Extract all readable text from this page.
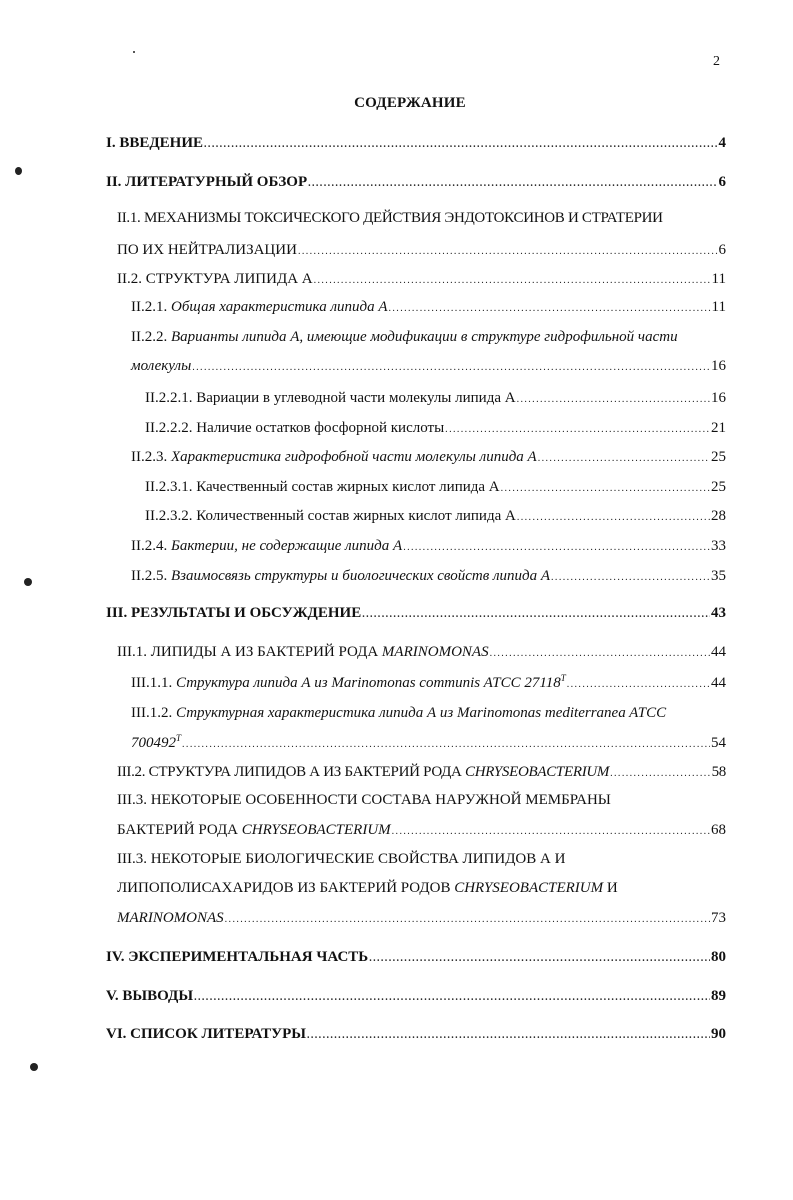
2
СОДЕРЖАНИЕ
I. ВВЕДЕНИЕ .....	4
II. ЛИТЕРАТУРНЫЙ ОБЗОР .....	6
II.1. МЕХАНИЗМЫ ТОКСИЧЕСКОГО ДЕЙСТВИЯ ЭНДОТОКСИНОВ И СТРАТЕРИИ
ПО ИХ НЕЙТРАЛИЗАЦИИ .....	6
II.2. СТРУКТУРА ЛИПИДА А .....	11
II.2.1. Общая характеристика липида А .....	11
II.2.2. Варианты липида А, имеющие модификации в структуре гидрофильной части
молекулы .....	16
II.2.2.1. Вариации в углеводной части молекулы липида А .....	16
II.2.2.2. Наличие остатков фосфорной кислоты .....	21
II.2.3. Характеристика гидрофобной части молекулы липида А .....	25
II.2.3.1. Качественный состав жирных кислот липида А .....	25
II.2.3.2. Количественный состав жирных кислот липида А .....	28
II.2.4. Бактерии, не содержащие липида А .....	33
II.2.5. Взаимосвязь структуры и биологических свойств липида А .....	35
III. РЕЗУЛЬТАТЫ И ОБСУЖДЕНИЕ .....	43
III.1. ЛИПИДЫ А ИЗ БАКТЕРИЙ РОДА MARINOMONAS .....	44
III.1.1. Структура липида А из Marinomonas communis ATCC $27118^T$ .....	44
III.1.2. Структурная характеристика липида А из Marinomonas mediterranea ATCC
$700492^T$ .....	54
III.2. СТРУКТУРА ЛИПИДОВ А ИЗ БАКТЕРИЙ РОДА CHRYSEOBACTERIUM .....	58
III.3. НЕКОТОРЫЕ ОСОБЕННОСТИ СОСТАВА НАРУЖНОЙ МЕМБРАНЫ
БАКТЕРИЙ РОДА CHRYSEOBACTERIUM .....	68
III.3. НЕКОТОРЫЕ БИОЛОГИЧЕСКИЕ СВОЙСТВА ЛИПИДОВ А И
ЛИПОПОЛИСАХАРИДОВ ИЗ БАКТЕРИЙ РОДОВ CHRYSEOBACTERIUM И
MARINOMONAS .....	73
IV. ЭКСПЕРИМЕНТАЛЬНАЯ ЧАСТЬ .....	80
V. ВЫВОДЫ .....	89
VI. СПИСОК ЛИТЕРАТУРЫ .....	90
